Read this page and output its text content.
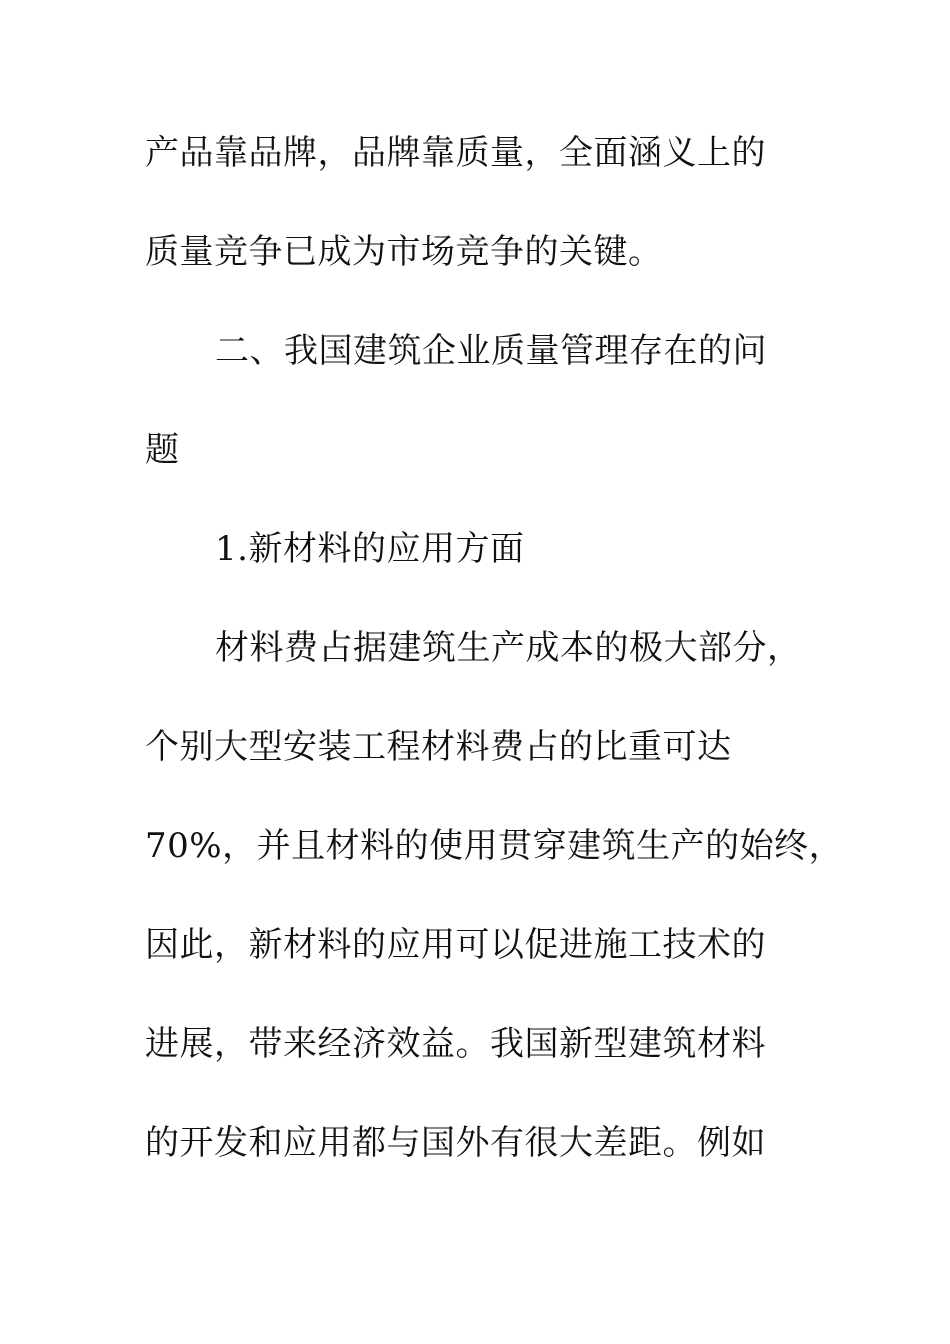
产品靠品牌，品牌靠质量，全面涵义上的
质量竞争已成为市场竞争的关键。
二、我国建筑企业质量管理存在的问
题
1.新材料的应用方面
材料费占据建筑生产成本的极大部分，
个别大型安装工程材料费占的比重可达
70%，并且材料的使用贯穿建筑生产的始终，
因此，新材料的应用可以促进施工技术的
进展，带来经济效益。我国新型建筑材料
的开发和应用都与国外有很大差距。例如
